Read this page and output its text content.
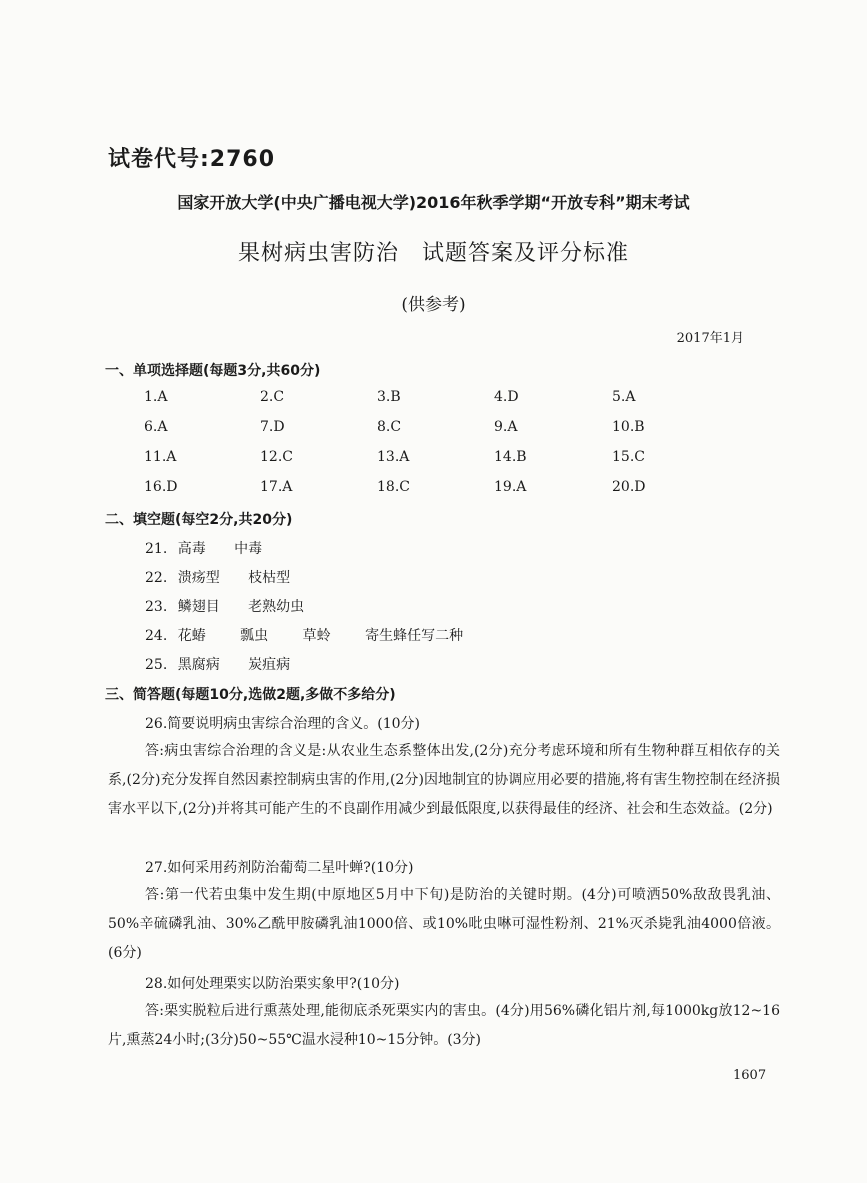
试卷代号:2760
国家开放大学(中央广播电视大学)2016年秋季学期“开放专科”期末考试
果树病虫害防治　试题答案及评分标准
(供参考)
2017年1月
一、单项选择题(每题3分,共60分)
1.A	2.C	3.B	4.D	5.A
6.A	7.D	8.C	9.A	10.B
11.A	12.C	13.A	14.B	15.C
16.D	17.A	18.C	19.A	20.D
二、填空题(每空2分,共20分)
21. 高毒 中毒
22. 溃疡型 枝枯型
23. 鳞翅目 老熟幼虫
24. 花蝽 瓢虫 草蛉 寄生蜂任写二种
25. 黑腐病 炭疽病
三、简答题(每题10分,选做2题,多做不多给分)
26.简要说明病虫害综合治理的含义。(10分)

答:病虫害综合治理的含义是:从农业生态系整体出发,(2分)充分考虑环境和所有生物种群互相依存的关系,(2分)充分发挥自然因素控制病虫害的作用,(2分)因地制宜的协调应用必要的措施,将有害生物控制在经济损害水平以下,(2分)并将其可能产生的不良副作用减少到最低限度,以获得最佳的经济、社会和生态效益。(2分)

27.如何采用药剂防治葡萄二星叶蝉?(10分)

答:第一代若虫集中发生期(中原地区5月中下旬)是防治的关键时期。(4分)可喷洒50%敌敌畏乳油、50%辛硫磷乳油、30%乙酰甲胺磷乳油1000倍、或10%吡虫啉可湿性粉剂、21%灭杀毙乳油4000倍液。(6分)

28.如何处理栗实以防治栗实象甲?(10分)

答:栗实脱粒后进行熏蒸处理,能彻底杀死栗实内的害虫。(4分)用56%磷化铝片剂,每1000kg放12~16片,熏蒸24小时;(3分)50~55℃温水浸种10~15分钟。(3分)

1607
